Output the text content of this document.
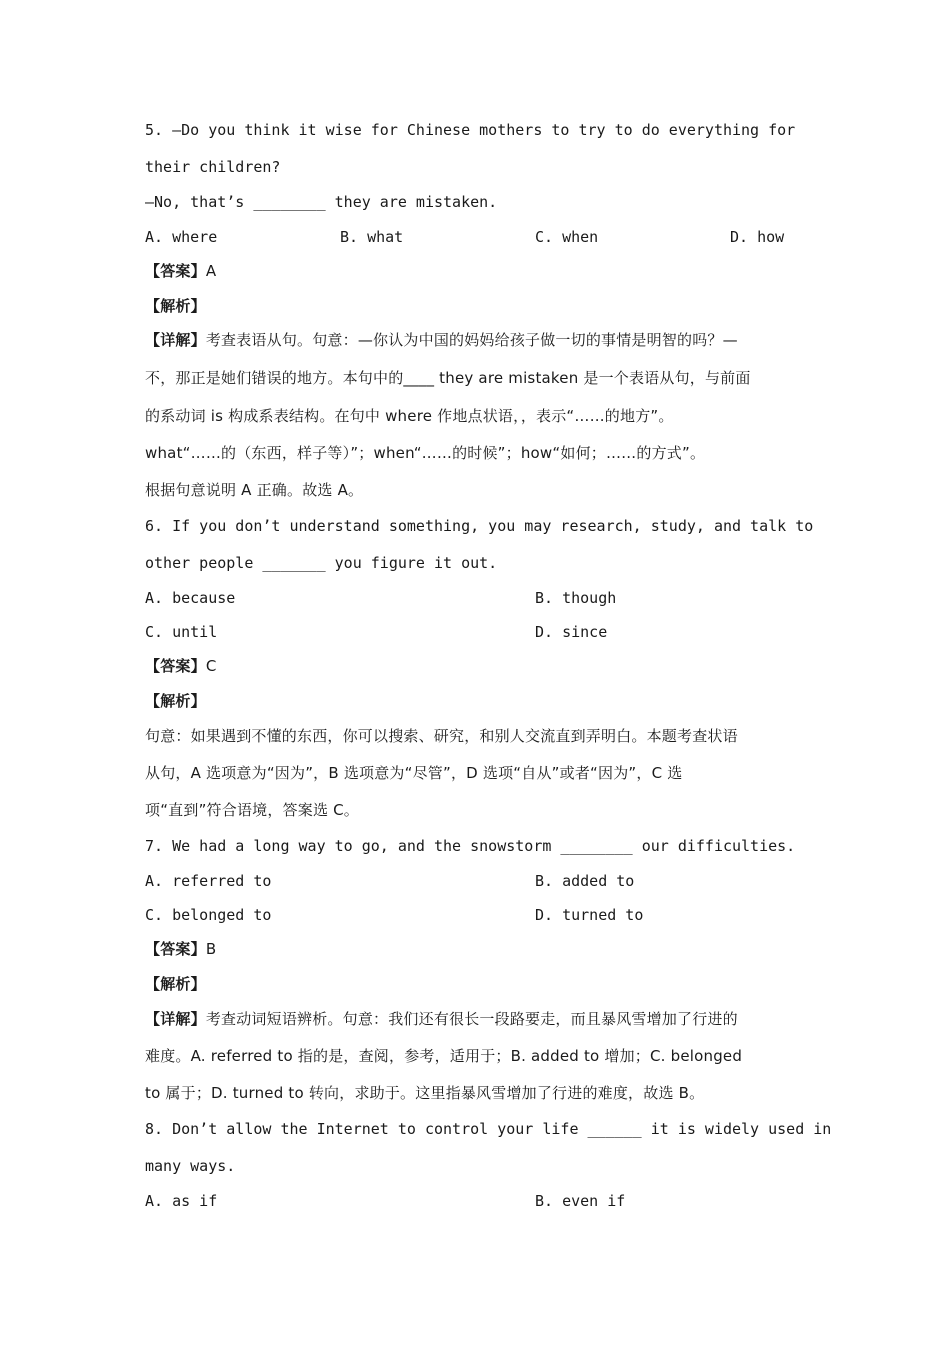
5. —Do you think it wise for Chinese mothers to try to do everything for
their children?
—No, that’s ________ they are mistaken.
A. where	B. what	C. when	D. how
【答案】A
【解析】
【详解】考查表语从句。句意：—你认为中国的妈妈给孩子做一切的事情是明智的吗？—
不，那正是她们错误的地方。本句中的____ they are mistaken 是一个表语从句，与前面
的系动词 is 构成系表结构。在句中 where 作地点状语，，表示“……的地方”。
what“……的（东西，样子等）”；when“……的时候”；how“如何；……的方式”。
根据句意说明 A 正确。故选 A。
6. If you don’t understand something, you may research, study, and talk to
other people _______ you figure it out.
A. because	B. though
C. until	D. since
【答案】C
【解析】
句意：如果遇到不懂的东西，你可以搜索、研究，和别人交流直到弄明白。本题考查状语
从句，A 选项意为“因为”，B 选项意为“尽管”，D 选项“自从”或者“因为”，C 选
项“直到”符合语境，答案选 C。
7. We had a long way to go, and the snowstorm ________ our difficulties.
A. referred to	B. added to
C. belonged to	D. turned to
【答案】B
【解析】
【详解】考查动词短语辨析。句意：我们还有很长一段路要走，而且暴风雪增加了行进的
难度。A. referred to 指的是，查阅，参考，适用于；B. added to 增加；C. belonged
to 属于；D. turned to 转向，求助于。这里指暴风雪增加了行进的难度，故选 B。
8. Don’t allow the Internet to control your life ______ it is widely used in
many ways.
A. as if	B. even if
